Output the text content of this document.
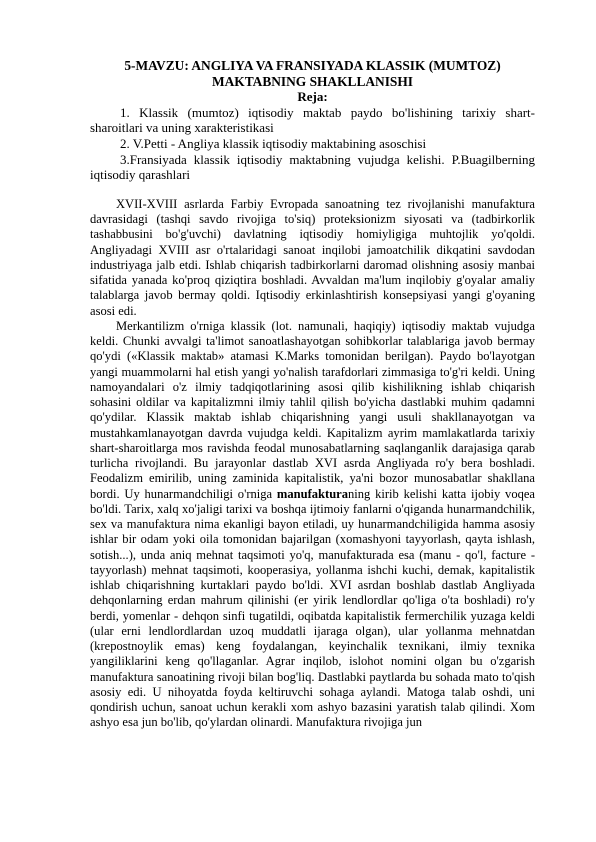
5-MAVZU: ANGLIYA VA FRANSIYADA KLASSIK (MUMTOZ)
MAKTABNING SHAKLLANISHI
Reja:

1. Klassik (mumtoz) iqtisodiy maktab paydo bo'lishining tarixiy shart-sharoitlari va uning xarakteristikasi

2. V.Petti - Angliya klassik iqtisodiy maktabining asoschisi

3.Fransiyada klassik iqtisodiy maktabning vujudga kelishi. P.Buagilberning iqtisodiy qarashlari

XVII-XVIII asrlarda Farbiy Evropada sanoatning tez rivojlanishi manufaktura davrasidagi (tashqi savdo rivojiga to'siq) proteksionizm siyosati va (tadbirkorlik tashabbusini bo'g'uvchi) davlatning iqtisodiy homiyligiga muhtojlik yo'qoldi. Angliyadagi XVIII asr o'rtalaridagi sanoat inqilobi jamoatchilik dikqatini savdodan industriyaga jalb etdi. Ishlab chiqarish tadbirkorlarni daromad olishning asosiy manbai sifatida yanada ko'proq qiziqtira boshladi. Avvaldan ma'lum inqilobiy g'oyalar amaliy talablarga javob bermay qoldi. Iqtisodiy erkinlashtirish konsepsiyasi yangi g'oyaning asosi edi.

Merkantilizm o'rniga klassik (lot. namunali, haqiqiy) iqtisodiy maktab vujudga keldi. Chunki avvalgi ta'limot sanoatlashayotgan sohibkorlar talablariga javob bermay qo'ydi («Klassik maktab» atamasi K.Marks tomonidan berilgan). Paydo bo'layotgan yangi muammolarni hal etish yangi yo'nalish tarafdorlari zimmasiga to'g'ri keldi. Uning namoyandalari o'z ilmiy tadqiqotlarining asosi qilib kishilikning ishlab chiqarish sohasini oldilar va kapitalizmni ilmiy tahlil qilish bo'yicha dastlabki muhim qadamni qo'ydilar. Klassik maktab ishlab chiqarishning yangi usuli shakllanayotgan va mustahkamlanayotgan davrda vujudga keldi. Kapitalizm ayrim mamlakatlarda tarixiy shart-sharoitlarga mos ravishda feodal munosabatlarning saqlanganlik darajasiga qarab turlicha rivojlandi. Bu jarayonlar dastlab XVI asrda Angliyada ro'y bera boshladi. Feodalizm emirilib, uning zaminida kapitalistik, ya'ni bozor munosabatlar shakllana bordi. Uy hunarmandchiligi o'rniga manufakturaning kirib kelishi katta ijobiy voqea bo'ldi. Tarix, xalq xo'jaligi tarixi va boshqa ijtimoiy fanlarni o'qiganda hunarmandchilik, sex va manufaktura nima ekanligi bayon etiladi, uy hunarmandchiligida hamma asosiy ishlar bir odam yoki oila tomonidan bajarilgan (xomashyoni tayyorlash, qayta ishlash, sotish...), unda aniq mehnat taqsimoti yo'q, manufakturada esa (manu - qo'l, facture - tayyorlash) mehnat taqsimoti, kooperasiya, yollanma ishchi kuchi, demak, kapitalistik ishlab chiqarishning kurtaklari paydo bo'ldi. XVI asrdan boshlab dastlab Angliyada dehqonlarning erdan mahrum qilinishi (er yirik lendlordlar qo'liga o'ta boshladi) ro'y berdi, yomenlar - dehqon sinfi tugatildi, oqibatda kapitalistik fermerchilik yuzaga keldi (ular erni lendlordlardan uzoq muddatli ijaraga olgan), ular yollanma mehnatdan (krepostnoylik emas) keng foydalangan, keyinchalik texnikani, ilmiy texnika yangiliklarini keng qo'llaganlar. Agrar inqilob, islohot nomini olgan bu o'zgarish manufaktura sanoatining rivoji bilan bog'liq. Dastlabki paytlarda bu sohada mato to'qish asosiy edi. U nihoyatda foyda keltiruvchi sohaga aylandi. Matoga talab oshdi, uni qondirish uchun, sanoat uchun kerakli xom ashyo bazasini yaratish talab qilindi. Xom ashyo esa jun bo'lib, qo'ylardan olinardi. Manufaktura rivojiga jun
